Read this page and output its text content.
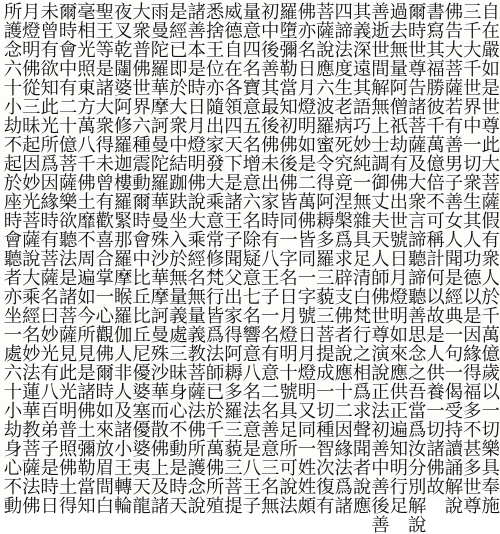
自在嚴如是世尊此大菩薩假有衆人於千萬億歲以一切樂具奉施
三千大千世界中一切衆生其人功德以是因緣得福多不甚多世尊
佛告大菩薩若有善男子善女人聞是經典一句一偈受持讀誦解說
書寫其福勝彼千萬億倍不可稱計何以故是人供養一切諸佛故
爾時世尊告諸菩薩及大衆言諦聽諦聽善思念之吾當爲汝分別解說
過去無量阿僧祇劫有佛出世號日月燈明如來應供正遍知明行足
善逝世間解無上士調御丈夫天人師佛世尊演說正法初善中善後善
其義深遠其語巧妙純一無雜具足清白梵行之相爲求聲聞者說應
四諦法度生老病死究竟涅槃爲求辟支佛者說應十二因緣法爲諸
菩薩說應六波羅蜜令得阿耨多羅三藐三菩提成一切種智次復有
佛亦名日月燈明如是二萬佛皆同一字號日月燈明又同一姓姓頗
羅墮彌勒當知初佛後佛皆同一字名日月燈明十號具足所可說法
初中後善其最後佛未出家時有八王子一名有意二名善意三名無
量意四名寶意五名增意六名除疑意七名響意八名法意是八王子
威德自在各領四天下是諸王子聞父出家得阿耨多羅三藐三菩提
悉捨王位亦隨出家發大乘意常修梵行皆爲法師已於千萬佛所殖
諸善本是時日月燈明佛說大乘經名無量義教菩薩法佛所護念說
是經已即於大衆中結跏趺坐入於無量義處三昧身心不動是時天
雨曼陀羅華摩訶曼陀羅華曼殊沙華摩訶曼殊沙華而散佛上及諸
大衆普佛世界六種震動爾時會中比丘比丘尼優婆塞優婆夷天龍
夜叉乾闥婆阿修羅迦樓羅緊那羅摩睺羅伽人非人及諸小王轉輪
聖王等是諸大衆得未曾有歡喜合掌一心觀佛爾時如來放眉間白
毫相光照東方萬八千佛土靡不周遍如今所見是諸佛土彌勒當知
爾時會中有二十億菩薩樂欲聽法是諸菩薩見此光明普照佛土得
未曾有欲知此光所爲因緣時有菩薩名曰妙光有八百弟子是時日
月燈明佛從三昧起因妙光菩薩說大乘經名妙法蓮華教菩薩法佛
所護念六十小劫不起於座時會聽者亦坐一處六十小劫身心不動
